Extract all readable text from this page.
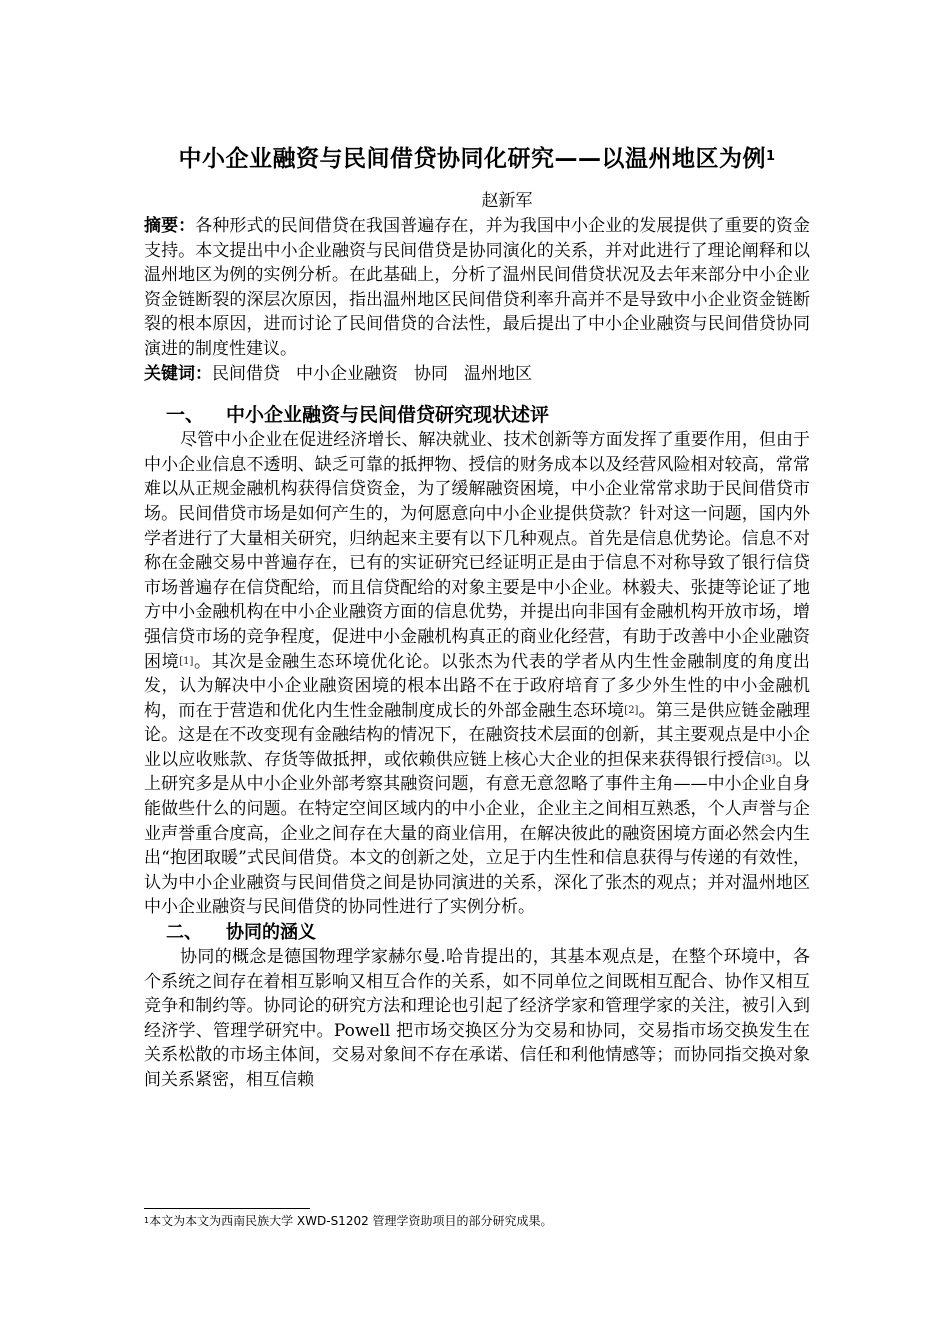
中小企业融资与民间借贷协同化研究——以温州地区为例$^1$
赵新军

摘要：各种形式的民间借贷在我国普遍存在，并为我国中小企业的发展提供了重要的资金支持。本文提出中小企业融资与民间借贷是协同演化的关系，并对此进行了理论阐释和以温州地区为例的实例分析。在此基础上，分析了温州民间借贷状况及去年来部分中小企业资金链断裂的深层次原因，指出温州地区民间借贷利率升高并不是导致中小企业资金链断裂的根本原因，进而讨论了民间借贷的合法性，最后提出了中小企业融资与民间借贷协同演进的制度性建议。

关键词：民间借贷 中小企业融资 协同 温州地区

一、 中小企业融资与民间借贷研究现状述评

尽管中小企业在促进经济增长、解决就业、技术创新等方面发挥了重要作用，但由于中小企业信息不透明、缺乏可靠的抵押物、授信的财务成本以及经营风险相对较高，常常难以从正规金融机构获得信贷资金，为了缓解融资困境，中小企业常常求助于民间借贷市场。民间借贷市场是如何产生的，为何愿意向中小企业提供贷款？针对这一问题，国内外学者进行了大量相关研究，归纳起来主要有以下几种观点。首先是信息优势论。信息不对称在金融交易中普遍存在，已有的实证研究已经证明正是由于信息不对称导致了银行信贷市场普遍存在信贷配给，而且信贷配给的对象主要是中小企业。林毅夫、张捷等论证了地方中小金融机构在中小企业融资方面的信息优势，并提出向非国有金融机构开放市场，增强信贷市场的竞争程度，促进中小金融机构真正的商业化经营，有助于改善中小企业融资困境[1]。其次是金融生态环境优化论。以张杰为代表的学者从内生性金融制度的角度出发，认为解决中小企业融资困境的根本出路不在于政府培育了多少外生性的中小金融机构，而在于营造和优化内生性金融制度成长的外部金融生态环境[2]。第三是供应链金融理论。这是在不改变现有金融结构的情况下，在融资技术层面的创新，其主要观点是中小企业以应收账款、存货等做抵押，或依赖供应链上核心大企业的担保来获得银行授信[3]。以上研究多是从中小企业外部考察其融资问题，有意无意忽略了事件主角——中小企业自身能做些什么的问题。在特定空间区域内的中小企业，企业主之间相互熟悉，个人声誉与企业声誉重合度高，企业之间存在大量的商业信用，在解决彼此的融资困境方面必然会内生出“抱团取暖”式民间借贷。本文的创新之处，立足于内生性和信息获得与传递的有效性，认为中小企业融资与民间借贷之间是协同演进的关系，深化了张杰的观点；并对温州地区中小企业融资与民间借贷的协同性进行了实例分析。

二、 协同的涵义

协同的概念是德国物理学家赫尔曼.哈肯提出的，其基本观点是，在整个环境中，各个系统之间存在着相互影响又相互合作的关系，如不同单位之间既相互配合、协作又相互竞争和制约等。协同论的研究方法和理论也引起了经济学家和管理学家的关注，被引入到经济学、管理学研究中。Powell 把市场交换区分为交易和协同，交易指市场交换发生在关系松散的市场主体间，交易对象间不存在承诺、信任和利他情感等；而协同指交换对象间关系紧密，相互信赖

$^1$本文为本文为西南民族大学 XWD-S1202 管理学资助项目的部分研究成果。
